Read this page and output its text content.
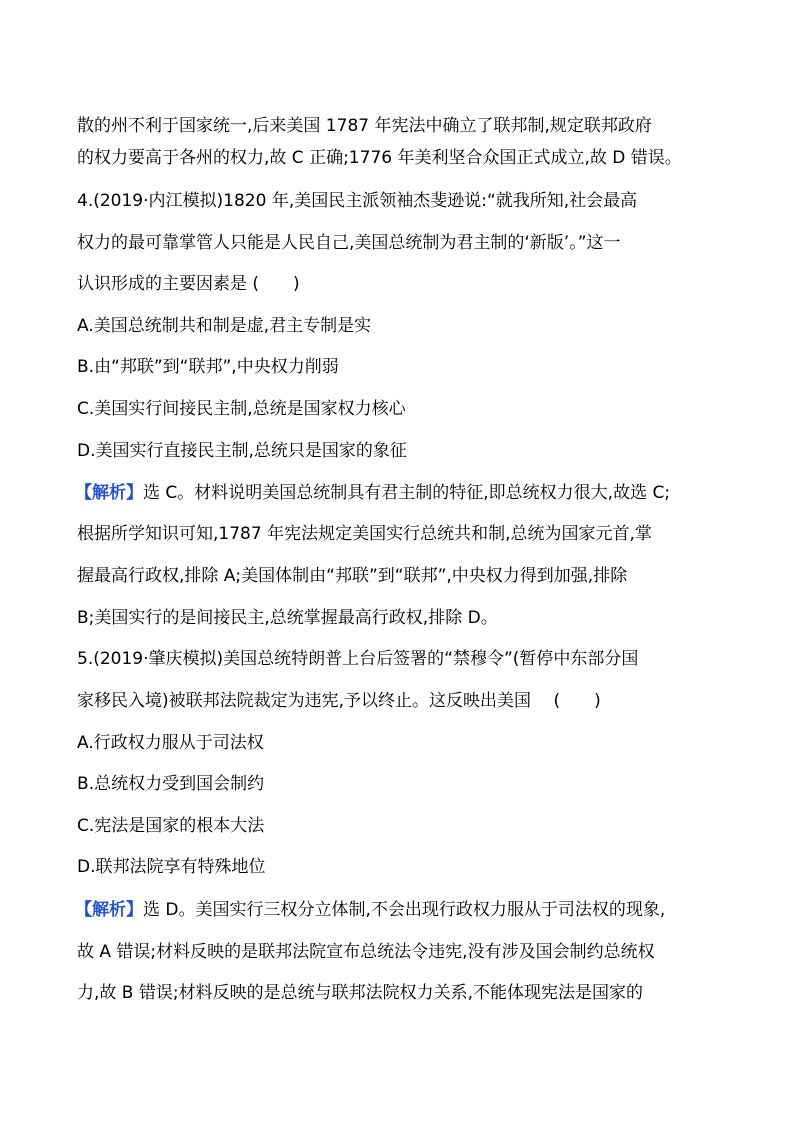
散的州不利于国家统一,后来美国 1787 年宪法中确立了联邦制,规定联邦政府
的权力要高于各州的权力,故 C 正确;1776 年美利坚合众国正式成立,故 D 错误。
4.(2019·内江模拟)1820 年,美国民主派领袖杰斐逊说:“就我所知,社会最高
权力的最可靠掌管人只能是人民自己,美国总统制为君主制的‘新版’。”这一
认识形成的主要因素是 (　　)
A.美国总统制共和制是虚,君主专制是实
B.由“邦联”到“联邦”,中央权力削弱
C.美国实行间接民主制,总统是国家权力核心
D.美国实行直接民主制,总统只是国家的象征
【解析】选 C。材料说明美国总统制具有君主制的特征,即总统权力很大,故选 C;
根据所学知识可知,1787 年宪法规定美国实行总统共和制,总统为国家元首,掌
握最高行政权,排除 A;美国体制由“邦联”到“联邦”,中央权力得到加强,排除
B;美国实行的是间接民主,总统掌握最高行政权,排除 D。
5.(2019·肇庆模拟)美国总统特朗普上台后签署的“禁穆令”(暂停中东部分国
家移民入境)被联邦法院裁定为违宪,予以终止。这反映出美国　 (　　)
A.行政权力服从于司法权
B.总统权力受到国会制约
C.宪法是国家的根本大法
D.联邦法院享有特殊地位
【解析】选 D。美国实行三权分立体制,不会出现行政权力服从于司法权的现象,
故 A 错误;材料反映的是联邦法院宣布总统法令违宪,没有涉及国会制约总统权
力,故 B 错误;材料反映的是总统与联邦法院权力关系,不能体现宪法是国家的
